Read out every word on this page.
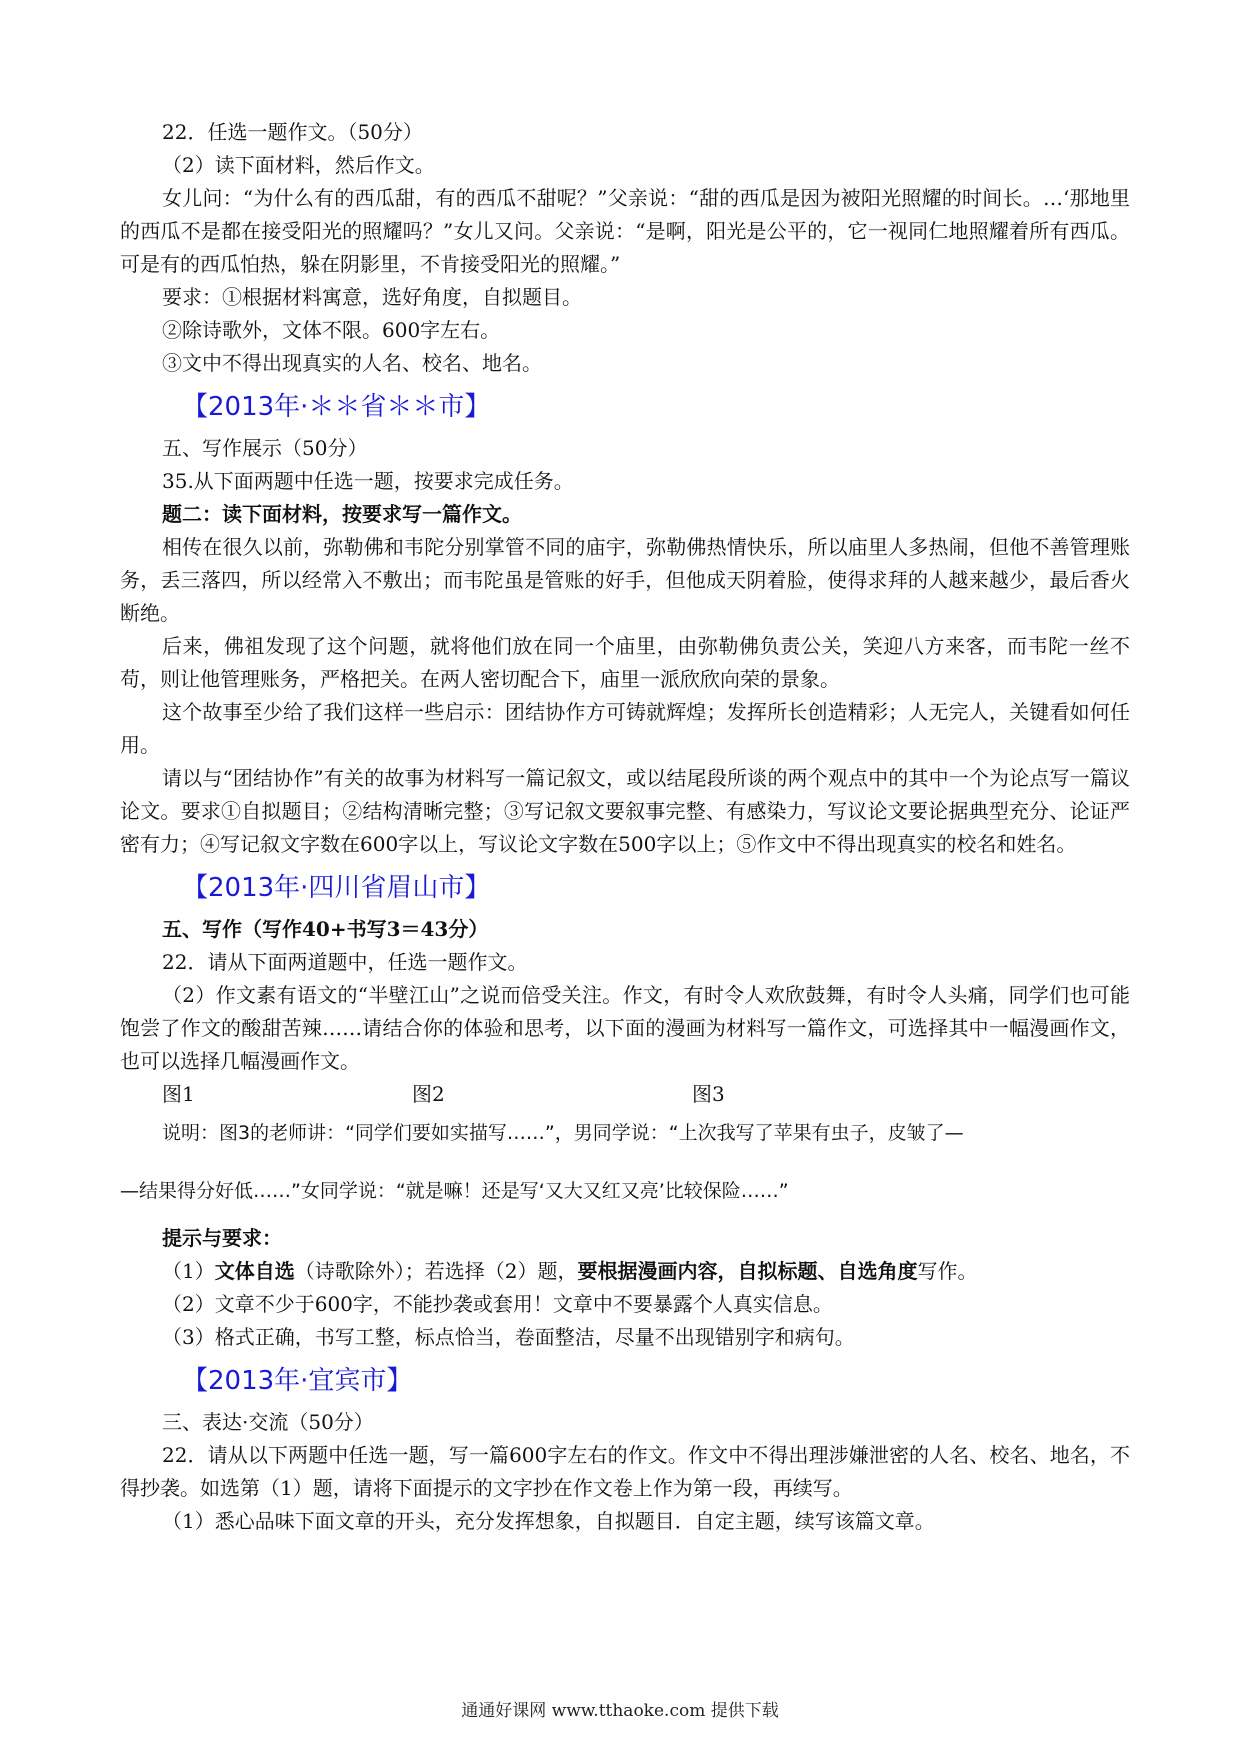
22．任选一题作文。（50分）

（2）读下面材料，然后作文。

女儿问：“为什么有的西瓜甜，有的西瓜不甜呢？”父亲说：“甜的西瓜是因为被阳光照耀的时间长。…‘那地里的西瓜不是都在接受阳光的照耀吗？”女儿又问。父亲说：“是啊，阳光是公平的，它一视同仁地照耀着所有西瓜。可是有的西瓜怕热，躲在阴影里，不肯接受阳光的照耀。”

要求：①根据材料寓意，选好角度，自拟题目。

②除诗歌外，文体不限。600字左右。

③文中不得出现真实的人名、校名、地名。

【2013年·＊＊省＊＊市】

五、写作展示（50分）

35.从下面两题中任选一题，按要求完成任务。

题二：读下面材料，按要求写一篇作文。

相传在很久以前，弥勒佛和韦陀分别掌管不同的庙宇，弥勒佛热情快乐，所以庙里人多热闹，但他不善管理账务，丢三落四，所以经常入不敷出；而韦陀虽是管账的好手，但他成天阴着脸，使得求拜的人越来越少，最后香火断绝。

后来，佛祖发现了这个问题，就将他们放在同一个庙里，由弥勒佛负责公关，笑迎八方来客，而韦陀一丝不苟，则让他管理账务，严格把关。在两人密切配合下，庙里一派欣欣向荣的景象。

这个故事至少给了我们这样一些启示：团结协作方可铸就辉煌；发挥所长创造精彩；人无完人，关键看如何任用。

请以与“团结协作”有关的故事为材料写一篇记叙文，或以结尾段所谈的两个观点中的其中一个为论点写一篇议论文。要求①自拟题目；②结构清晰完整；③写记叙文要叙事完整、有感染力，写议论文要论据典型充分、论证严密有力；④写记叙文字数在600字以上，写议论文字数在500字以上；⑤作文中不得出现真实的校名和姓名。

【2013年·四川省眉山市】

五、写作（写作40+书写3＝43分）

22．请从下面两道题中，任选一题作文。

（2）作文素有语文的“半壁江山”之说而倍受关注。作文，有时令人欢欣鼓舞，有时令人头痛，同学们也可能饱尝了作文的酸甜苦辣……请结合你的体验和思考，以下面的漫画为材料写一篇作文，可选择其中一幅漫画作文，也可以选择几幅漫画作文。

图1	图2	图3
说明：图3的老师讲：“同学们要如实描写……”，男同学说：“上次我写了苹果有虫子，皮皱了—
—结果得分好低……”女同学说：“就是嘛！还是写‘又大又红又亮’比较保险……”

提示与要求：

（1）文体自选（诗歌除外）；若选择（2）题，要根据漫画内容，自拟标题、自选角度写作。

（2）文章不少于600字，不能抄袭或套用！文章中不要暴露个人真实信息。

（3）格式正确，书写工整，标点恰当，卷面整洁，尽量不出现错别字和病句。

【2013年·宜宾市】

三、表达·交流（50分）

22．请从以下两题中任选一题，写一篇600字左右的作文。作文中不得出理涉嫌泄密的人名、校名、地名，不得抄袭。如选第（1）题，请将下面提示的文字抄在作文卷上作为第一段，再续写。

（1）悉心品味下面文章的开头，充分发挥想象，自拟题目．自定主题，续写该篇文章。

通通好课网 www.tthaoke.com 提供下载
